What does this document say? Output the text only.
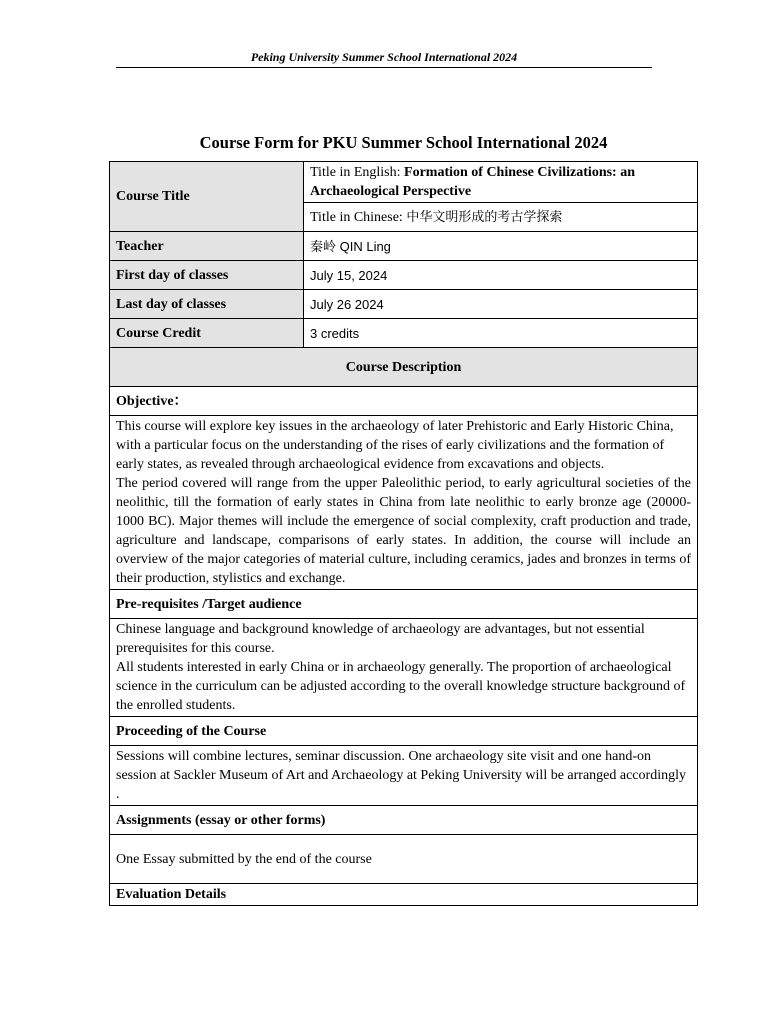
Peking University Summer School International 2024
Course Form for PKU Summer School International 2024
Course Title	Title in English: Formation of Chinese Civilizations: an Archaeological Perspective
	Title in Chinese: 中华文明形成的考古学探索
Teacher	秦岭 QIN Ling
First day of classes	July 15, 2024
Last day of classes	July 26 2024
Course Credit	3 credits
Course Description	
Objective：	

This course will explore key issues in the archaeology of later Prehistoric and Early Historic China, with a particular focus on the understanding of the rises of early civilizations and the formation of early states, as revealed through archaeological evidence from excavations and objects.
The period covered will range from the upper Paleolithic period, to early agricultural societies of the neolithic, till the formation of early states in China from late neolithic to early bronze age (20000-1000 BC). Major themes will include the emergence of social complexity, craft production and trade, agriculture and landscape, comparisons of early states. In addition, the course will include an overview of the major categories of material culture, including ceramics, jades and bronzes in terms of their production, stylistics and exchange.	

Pre-requisites /Target audience	

Chinese language and background knowledge of archaeology are advantages, but not essential prerequisites for this course.
All students interested in early China or in archaeology generally. The proportion of archaeological science in the curriculum can be adjusted according to the overall knowledge structure background of the enrolled students.	

Proceeding of the Course	

Sessions will combine lectures, seminar discussion. One archaeology site visit and one hand-on session at Sackler Museum of Art and Archaeology at Peking University will be arranged accordingly .	

Assignments (essay or other forms)	

One Essay submitted by the end of the course	

Evaluation Details	
